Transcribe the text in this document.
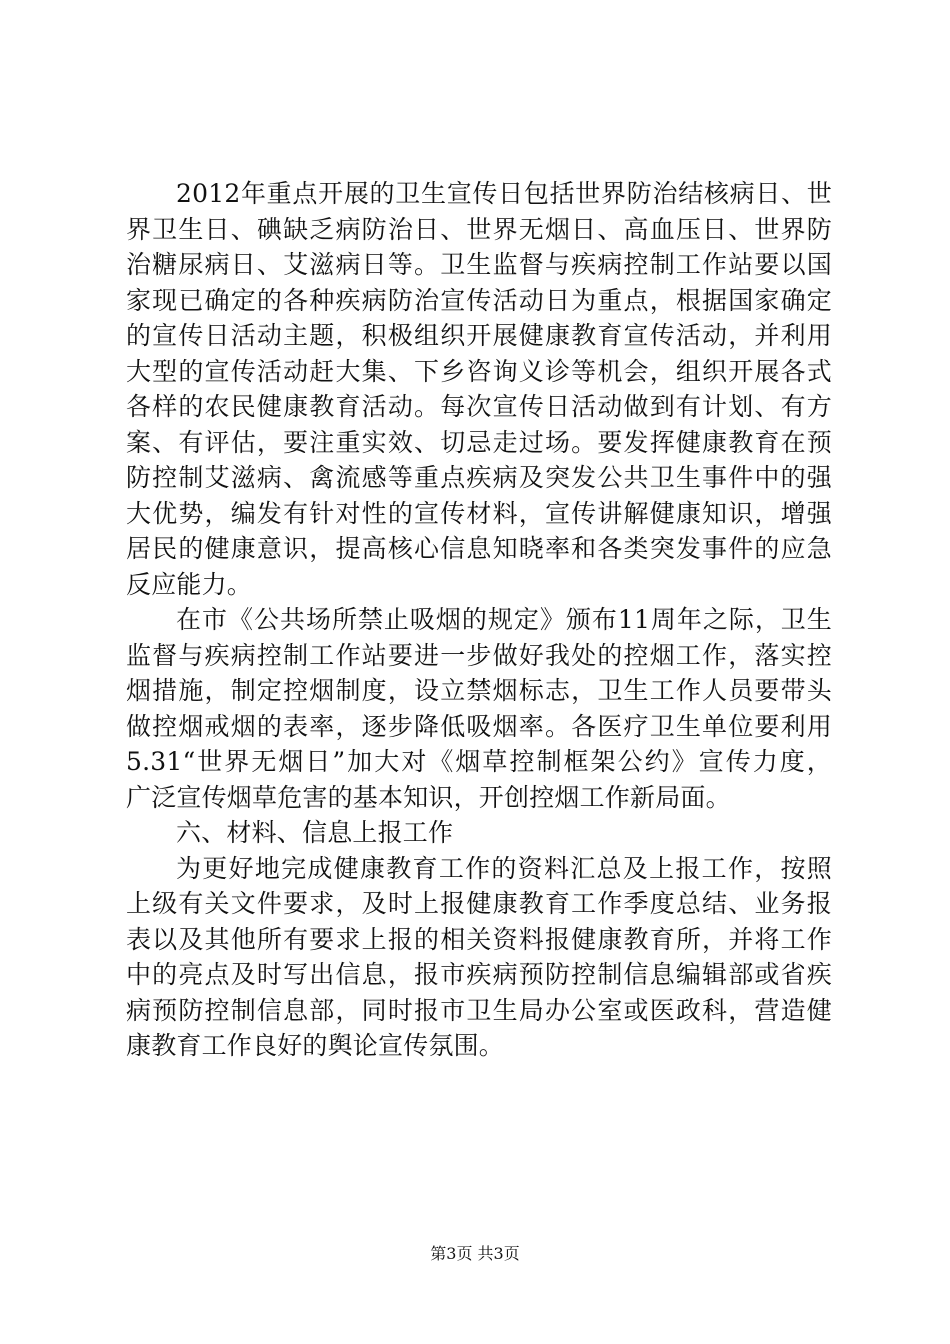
2012年重点开展的卫生宣传日包括世界防治结核病日、世
界卫生日、碘缺乏病防治日、世界无烟日、高血压日、世界防
治糖尿病日、艾滋病日等。卫生监督与疾病控制工作站要以国
家现已确定的各种疾病防治宣传活动日为重点，根据国家确定
的宣传日活动主题，积极组织开展健康教育宣传活动，并利用
大型的宣传活动赶大集、下乡咨询义诊等机会，组织开展各式
各样的农民健康教育活动。每次宣传日活动做到有计划、有方
案、有评估，要注重实效、切忌走过场。要发挥健康教育在预
防控制艾滋病、禽流感等重点疾病及突发公共卫生事件中的强
大优势，编发有针对性的宣传材料，宣传讲解健康知识，增强
居民的健康意识，提高核心信息知晓率和各类突发事件的应急
反应能力。
在市《公共场所禁止吸烟的规定》颁布11周年之际，卫生
监督与疾病控制工作站要进一步做好我处的控烟工作，落实控
烟措施，制定控烟制度，设立禁烟标志，卫生工作人员要带头
做控烟戒烟的表率，逐步降低吸烟率。各医疗卫生单位要利用
5.31“世界无烟日”加大对《烟草控制框架公约》宣传力度，
广泛宣传烟草危害的基本知识，开创控烟工作新局面。
六、材料、信息上报工作
为更好地完成健康教育工作的资料汇总及上报工作，按照
上级有关文件要求，及时上报健康教育工作季度总结、业务报
表以及其他所有要求上报的相关资料报健康教育所，并将工作
中的亮点及时写出信息，报市疾病预防控制信息编辑部或省疾
病预防控制信息部，同时报市卫生局办公室或医政科，营造健
康教育工作良好的舆论宣传氛围。
第3页 共3页
